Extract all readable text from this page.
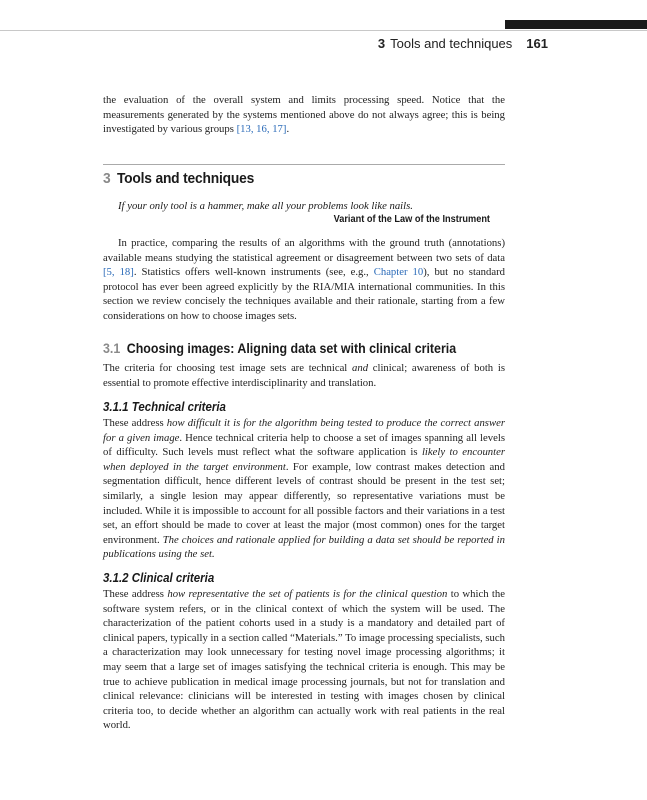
3 Tools and techniques 161

the evaluation of the overall system and limits processing speed. Notice that the measurements generated by the systems mentioned above do not always agree; this is being investigated by various groups [13, 16, 17].

3 Tools and techniques
If your only tool is a hammer, make all your problems look like nails.
Variant of the Law of the Instrument

In practice, comparing the results of an algorithms with the ground truth (annotations) available means studying the statistical agreement or disagreement between two sets of data [5, 18]. Statistics offers well-known instruments (see, e.g., Chapter 10), but no standard protocol has ever been agreed explicitly by the RIA/MIA international communities. In this section we review concisely the techniques available and their rationale, starting from a few considerations on how to choose images sets.

3.1 Choosing images: Aligning data set with clinical criteria

The criteria for choosing test image sets are technical and clinical; awareness of both is essential to promote effective interdisciplinarity and translation.

3.1.1 Technical criteria

These address how difficult it is for the algorithm being tested to produce the correct answer for a given image. Hence technical criteria help to choose a set of images spanning all levels of difficulty. Such levels must reflect what the software application is likely to encounter when deployed in the target environment. For example, low contrast makes detection and segmentation difficult, hence different levels of contrast should be present in the test set; similarly, a single lesion may appear differently, so representative variations must be included. While it is impossible to account for all possible factors and their variations in a test set, an effort should be made to cover at least the major (most common) ones for the target environment. The choices and rationale applied for building a data set should be reported in publications using the set.

3.1.2 Clinical criteria

These address how representative the set of patients is for the clinical question to which the software system refers, or in the clinical context of which the system will be used. The characterization of the patient cohorts used in a study is a mandatory and detailed part of clinical papers, typically in a section called “Materials.” To image processing specialists, such a characterization may look unnecessary for testing novel image processing algorithms; it may seem that a large set of images satisfying the technical criteria is enough. This may be true to achieve publication in medical image processing journals, but not for translation and clinical relevance: clinicians will be interested in testing with images chosen by clinical criteria too, to decide whether an algorithm can actually work with real patients in the real world.
